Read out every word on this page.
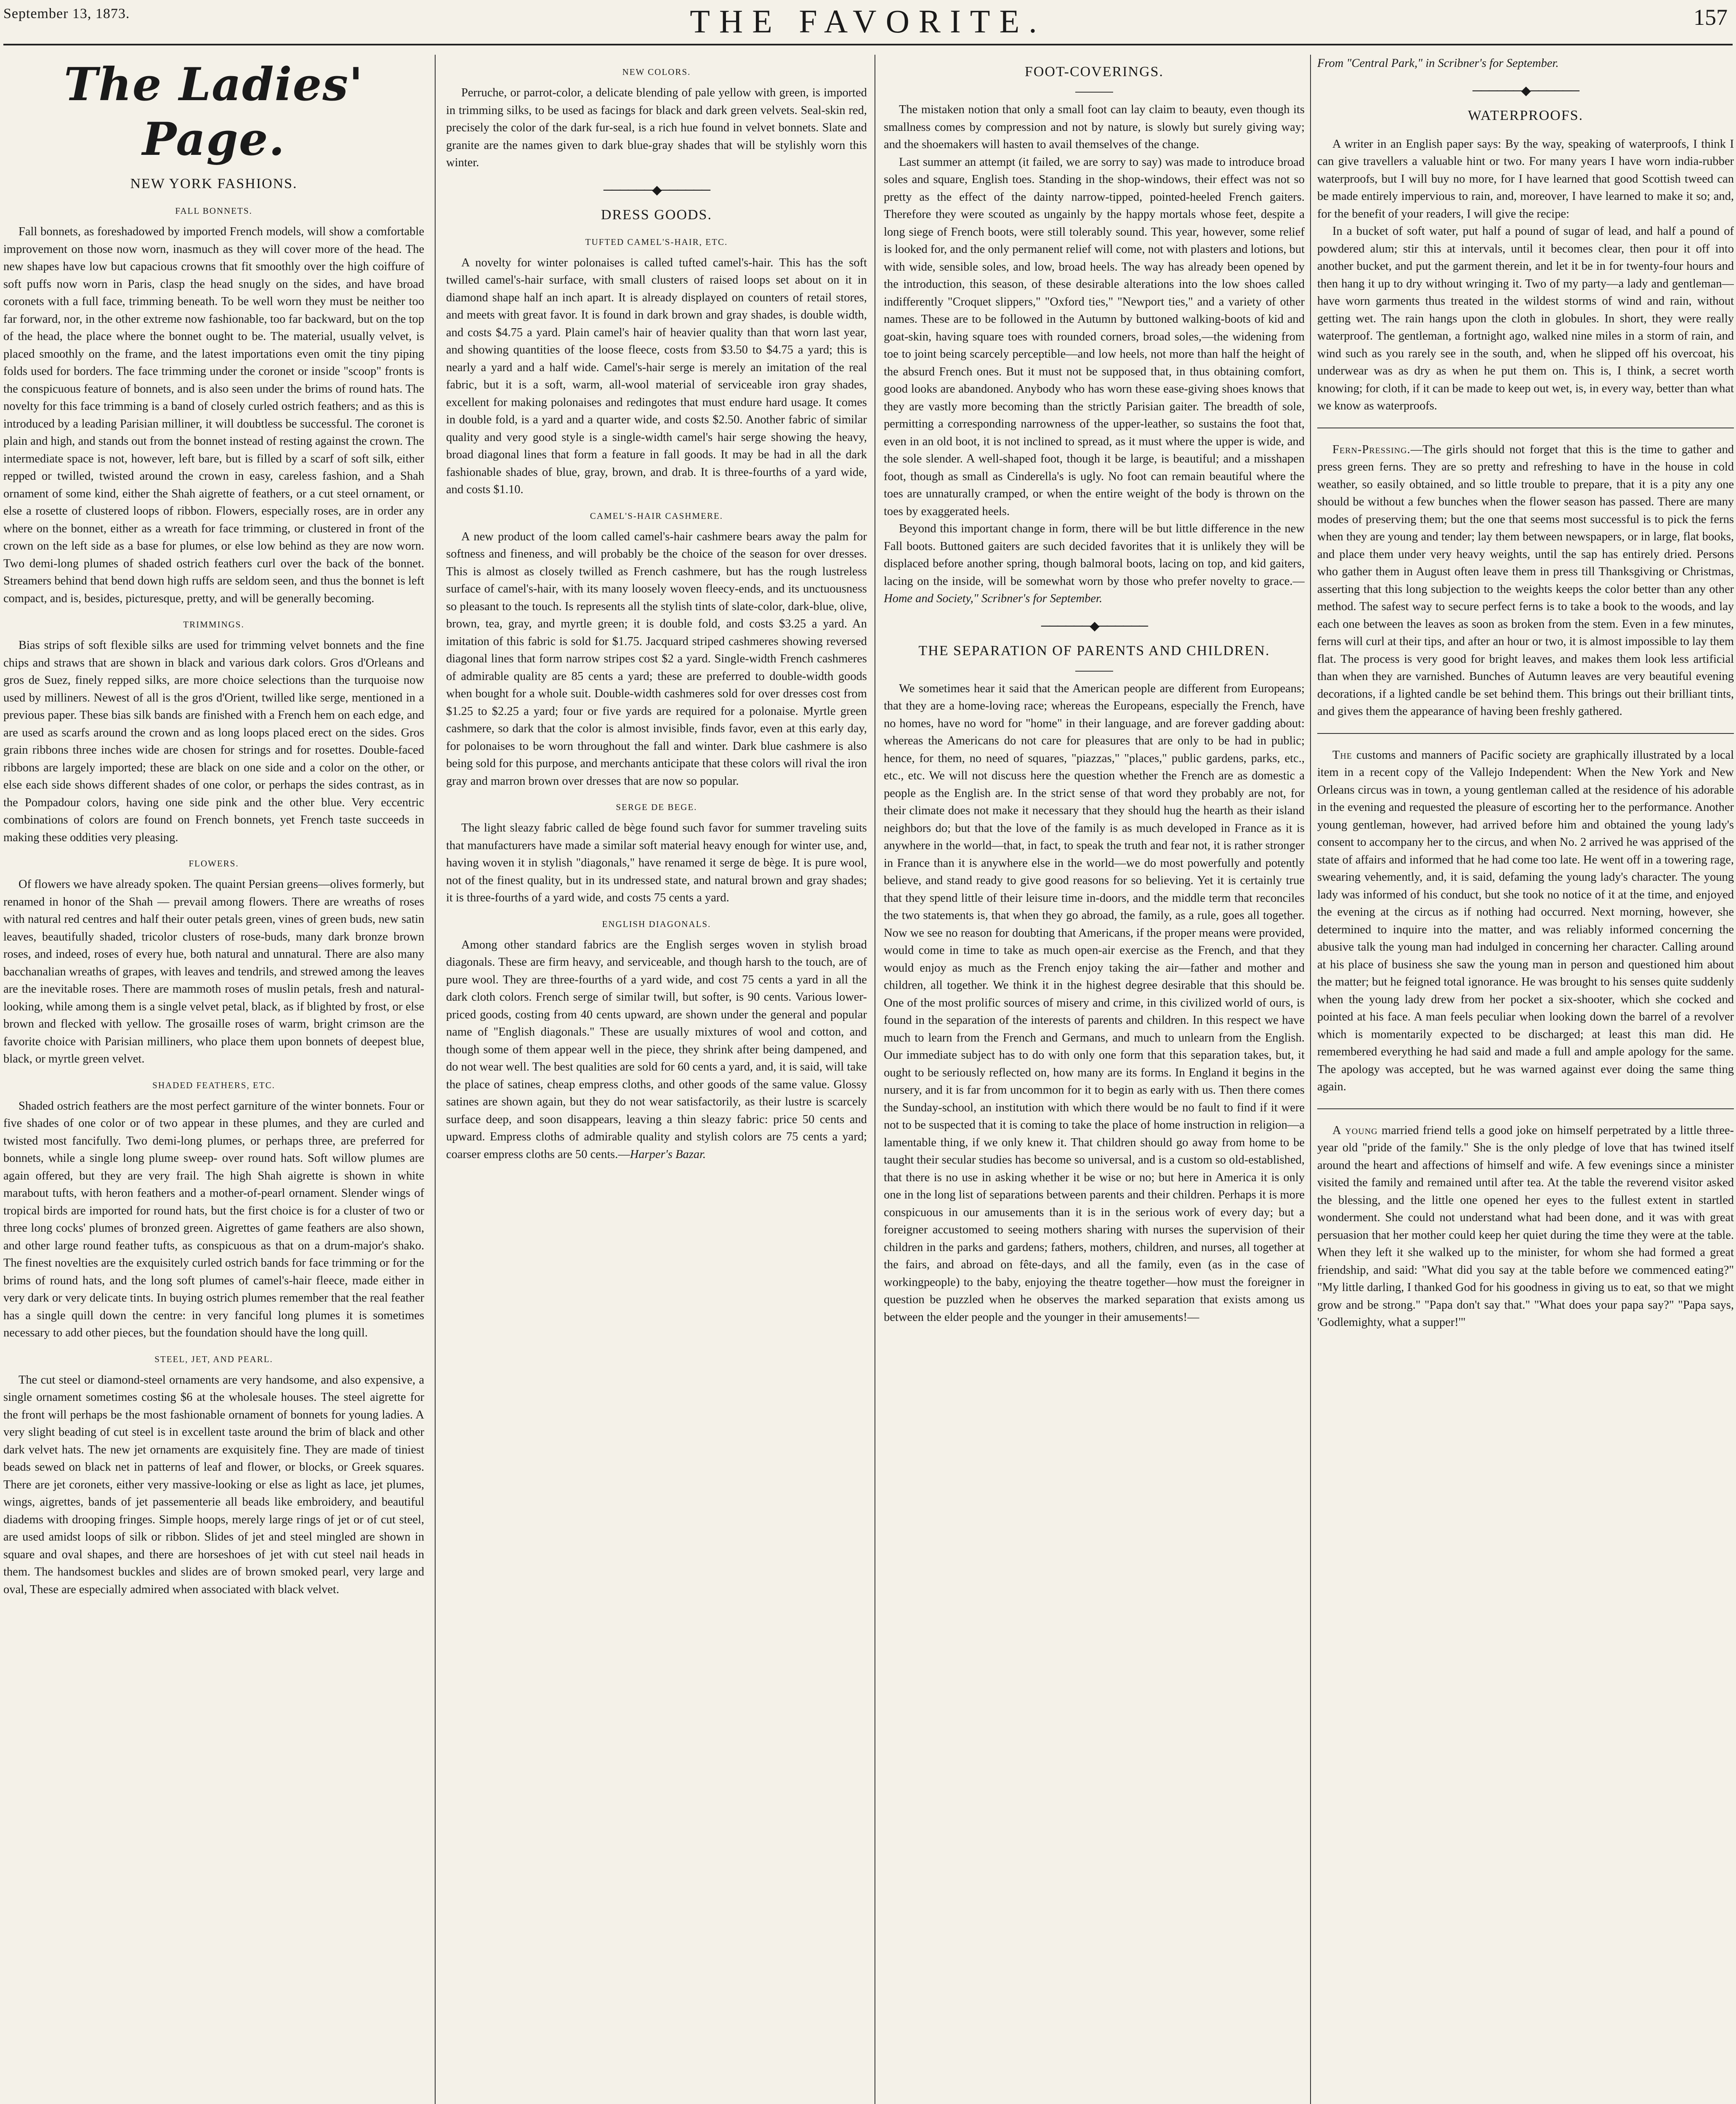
September 13, 1873.	THE FAVORITE.	157
The Ladies' Page.
NEW YORK FASHIONS.
FALL BONNETS.

Fall bonnets, as foreshadowed by imported French models, will show a comfortable improvement on those now worn, inasmuch as they will cover more of the head. The new shapes have low but capacious crowns that fit smoothly over the high coiffure of soft puffs now worn in Paris, clasp the head snugly on the sides, and have broad coronets with a full face, trimming beneath. To be well worn they must be neither too far forward, nor, in the other extreme now fashionable, too far backward, but on the top of the head, the place where the bonnet ought to be. The material, usually velvet, is placed smoothly on the frame, and the latest importations even omit the tiny piping folds used for borders. The face trimming under the coronet or inside "scoop" fronts is the conspicuous feature of bonnets, and is also seen under the brims of round hats. The novelty for this face trimming is a band of closely curled ostrich feathers; and as this is introduced by a leading Parisian milliner, it will doubtless be successful. The coronet is plain and high, and stands out from the bonnet instead of resting against the crown. The intermediate space is not, however, left bare, but is filled by a scarf of soft silk, either repped or twilled, twisted around the crown in easy, careless fashion, and a Shah ornament of some kind, either the Shah aigrette of feathers, or a cut steel ornament, or else a rosette of clustered loops of ribbon. Flowers, especially roses, are in order any where on the bonnet, either as a wreath for face trimming, or clustered in front of the crown on the left side as a base for plumes, or else low behind as they are now worn. Two demi-long plumes of shaded ostrich feathers curl over the back of the bonnet. Streamers behind that bend down high ruffs are seldom seen, and thus the bonnet is left compact, and is, besides, picturesque, pretty, and will be generally becoming.

TRIMMINGS.

Bias strips of soft flexible silks are used for trimming velvet bonnets and the fine chips and straws that are shown in black and various dark colors. Gros d'Orleans and gros de Suez, finely repped silks, are more choice selections than the turquoise now used by milliners. Newest of all is the gros d'Orient, twilled like serge, mentioned in a previous paper. These bias silk bands are finished with a French hem on each edge, and are used as scarfs around the crown and as long loops placed erect on the sides. Gros grain ribbons three inches wide are chosen for strings and for rosettes. Double-faced ribbons are largely imported; these are black on one side and a color on the other, or else each side shows different shades of one color, or perhaps the sides contrast, as in the Pompadour colors, having one side pink and the other blue. Very eccentric combinations of colors are found on French bonnets, yet French taste succeeds in making these oddities very pleasing.

FLOWERS.

Of flowers we have already spoken. The quaint Persian greens—olives formerly, but renamed in honor of the Shah — prevail among flowers. There are wreaths of roses with natural red centres and half their outer petals green, vines of green buds, new satin leaves, beautifully shaded, tricolor clusters of rose-buds, many dark bronze brown roses, and indeed, roses of every hue, both natural and unnatural. There are also many bacchanalian wreaths of grapes, with leaves and tendrils, and strewed among the leaves are the inevitable roses. There are mammoth roses of muslin petals, fresh and natural-looking, while among them is a single velvet petal, black, as if blighted by frost, or else brown and flecked with yellow. The grosaille roses of warm, bright crimson are the favorite choice with Parisian milliners, who place them upon bonnets of deepest blue, black, or myrtle green velvet.

SHADED FEATHERS, ETC.

Shaded ostrich feathers are the most perfect garniture of the winter bonnets. Four or five shades of one color or of two appear in these plumes, and they are curled and twisted most fancifully. Two demi-long plumes, or perhaps three, are preferred for bonnets, while a single long plume sweep- over round hats. Soft willow plumes are again offered, but they are very frail. The high Shah aigrette is shown in white marabout tufts, with heron feathers and a mother-of-pearl ornament. Slender wings of tropical birds are imported for round hats, but the first choice is for a cluster of two or three long cocks' plumes of bronzed green. Aigrettes of game feathers are also shown, and other large round feather tufts, as conspicuous as that on a drum-major's shako. The finest novelties are the exquisitely curled ostrich bands for face trimming or for the brims of round hats, and the long soft plumes of camel's-hair fleece, made either in very dark or very delicate tints. In buying ostrich plumes remember that the real feather has a single quill down the centre: in very fanciful long plumes it is sometimes necessary to add other pieces, but the foundation should have the long quill.

STEEL, JET, AND PEARL.

The cut steel or diamond-steel ornaments are very handsome, and also expensive, a single ornament sometimes costing $6 at the wholesale houses. The steel aigrette for the front will perhaps be the most fashionable ornament of bonnets for young ladies. A very slight beading of cut steel is in excellent taste around the brim of black and other dark velvet hats. The new jet ornaments are exquisitely fine. They are made of tiniest beads sewed on black net in patterns of leaf and flower, or blocks, or Greek squares. There are jet coronets, either very massive-looking or else as light as lace, jet plumes, wings, aigrettes, bands of jet passementerie all beads like embroidery, and beautiful diadems with drooping fringes. Simple hoops, merely large rings of jet or of cut steel, are used amidst loops of silk or ribbon. Slides of jet and steel mingled are shown in square and oval shapes, and there are horseshoes of jet with cut steel nail heads in them. The handsomest buckles and slides are of brown smoked pearl, very large and oval, These are especially admired when associated with black velvet.

NEW COLORS.

Perruche, or parrot-color, a delicate blending of pale yellow with green, is imported in trimming silks, to be used as facings for black and dark green velvets. Seal-skin red, precisely the color of the dark fur-seal, is a rich hue found in velvet bonnets. Slate and granite are the names given to dark blue-gray shades that will be stylishly worn this winter.

──────◆──────
DRESS GOODS.
TUFTED CAMEL'S-HAIR, ETC.

A novelty for winter polonaises is called tufted camel's-hair. This has the soft twilled camel's-hair surface, with small clusters of raised loops set about on it in diamond shape half an inch apart. It is already displayed on counters of retail stores, and meets with great favor. It is found in dark brown and gray shades, is double width, and costs $4.75 a yard. Plain camel's hair of heavier quality than that worn last year, and showing quantities of the loose fleece, costs from $3.50 to $4.75 a yard; this is nearly a yard and a half wide. Camel's-hair serge is merely an imitation of the real fabric, but it is a soft, warm, all-wool material of serviceable iron gray shades, excellent for making polonaises and redingotes that must endure hard usage. It comes in double fold, is a yard and a quarter wide, and costs $2.50. Another fabric of similar quality and very good style is a single-width camel's hair serge showing the heavy, broad diagonal lines that form a feature in fall goods. It may be had in all the dark fashionable shades of blue, gray, brown, and drab. It is three-fourths of a yard wide, and costs $1.10.

CAMEL'S-HAIR CASHMERE.

A new product of the loom called camel's-hair cashmere bears away the palm for softness and fineness, and will probably be the choice of the season for over dresses. This is almost as closely twilled as French cashmere, but has the rough lustreless surface of camel's-hair, with its many loosely woven fleecy-ends, and its unctuousness so pleasant to the touch. Is represents all the stylish tints of slate-color, dark-blue, olive, brown, tea, gray, and myrtle green; it is double fold, and costs $3.25 a yard. An imitation of this fabric is sold for $1.75. Jacquard striped cashmeres showing reversed diagonal lines that form narrow stripes cost $2 a yard. Single-width French cashmeres of admirable quality are 85 cents a yard; these are preferred to double-width goods when bought for a whole suit. Double-width cashmeres sold for over dresses cost from $1.25 to $2.25 a yard; four or five yards are required for a polonaise. Myrtle green cashmere, so dark that the color is almost invisible, finds favor, even at this early day, for polonaises to be worn throughout the fall and winter. Dark blue cashmere is also being sold for this purpose, and merchants anticipate that these colors will rival the iron gray and marron brown over dresses that are now so popular.

SERGE DE BEGE.

The light sleazy fabric called de bège found such favor for summer traveling suits that manufacturers have made a similar soft material heavy enough for winter use, and, having woven it in stylish "diagonals," have renamed it serge de bège. It is pure wool, not of the finest quality, but in its undressed state, and natural brown and gray shades; it is three-fourths of a yard wide, and costs 75 cents a yard.

ENGLISH DIAGONALS.

Among other standard fabrics are the English serges woven in stylish broad diagonals. These are firm heavy, and serviceable, and though harsh to the touch, are of pure wool. They are three-fourths of a yard wide, and cost 75 cents a yard in all the dark cloth colors. French serge of similar twill, but softer, is 90 cents. Various lower-priced goods, costing from 40 cents upward, are shown under the general and popular name of "English diagonals." These are usually mixtures of wool and cotton, and though some of them appear well in the piece, they shrink after being dampened, and do not wear well. The best qualities are sold for 60 cents a yard, and, it is said, will take the place of satines, cheap empress cloths, and other goods of the same value. Glossy satines are shown again, but they do not wear satisfactorily, as their lustre is scarcely surface deep, and soon disappears, leaving a thin sleazy fabric: price 50 cents and upward. Empress cloths of admirable quality and stylish colors are 75 cents a yard; coarser empress cloths are 50 cents.—Harper's Bazar.

FOOT-COVERINGS.

The mistaken notion that only a small foot can lay claim to beauty, even though its smallness comes by compression and not by nature, is slowly but surely giving way; and the shoemakers will hasten to avail themselves of the change.

Last summer an attempt (it failed, we are sorry to say) was made to introduce broad soles and square, English toes. Standing in the shop-windows, their effect was not so pretty as the effect of the dainty narrow-tipped, pointed-heeled French gaiters. Therefore they were scouted as ungainly by the happy mortals whose feet, despite a long siege of French boots, were still tolerably sound. This year, however, some relief is looked for, and the only permanent relief will come, not with plasters and lotions, but with wide, sensible soles, and low, broad heels. The way has already been opened by the introduction, this season, of these desirable alterations into the low shoes called indifferently "Croquet slippers," "Oxford ties," "Newport ties," and a variety of other names. These are to be followed in the Autumn by buttoned walking-boots of kid and goat-skin, having square toes with rounded corners, broad soles,—the widening from toe to joint being scarcely perceptible—and low heels, not more than half the height of the absurd French ones. But it must not be supposed that, in thus obtaining comfort, good looks are abandoned. Anybody who has worn these ease-giving shoes knows that they are vastly more becoming than the strictly Parisian gaiter. The breadth of sole, permitting a corresponding narrowness of the upper-leather, so sustains the foot that, even in an old boot, it is not inclined to spread, as it must where the upper is wide, and the sole slender. A well-shaped foot, though it be large, is beautiful; and a misshapen foot, though as small as Cinderella's is ugly. No foot can remain beautiful where the toes are unnaturally cramped, or when the entire weight of the body is thrown on the toes by exaggerated heels.

Beyond this important change in form, there will be but little difference in the new Fall boots. Buttoned gaiters are such decided favorites that it is unlikely they will be displaced before another spring, though balmoral boots, lacing on top, and kid gaiters, lacing on the inside, will be somewhat worn by those who prefer novelty to grace.—Home and Society," Scribner's for September.

──────◆──────
THE SEPARATION OF PARENTS AND CHILDREN.

We sometimes hear it said that the American people are different from Europeans; that they are a home-loving race; whereas the Europeans, especially the French, have no homes, have no word for "home" in their language, and are forever gadding about: whereas the Americans do not care for pleasures that are only to be had in public; hence, for them, no need of squares, "piazzas," "places," public gardens, parks, etc., etc., etc. We will not discuss here the question whether the French are as domestic a people as the English are. In the strict sense of that word they probably are not, for their climate does not make it necessary that they should hug the hearth as their island neighbors do; but that the love of the family is as much developed in France as it is anywhere in the world—that, in fact, to speak the truth and fear not, it is rather stronger in France than it is anywhere else in the world—we do most powerfully and potently believe, and stand ready to give good reasons for so believing. Yet it is certainly true that they spend little of their leisure time in-doors, and the middle term that reconciles the two statements is, that when they go abroad, the family, as a rule, goes all together. Now we see no reason for doubting that Americans, if the proper means were provided, would come in time to take as much open-air exercise as the French, and that they would enjoy as much as the French enjoy taking the air—father and mother and children, all together. We think it in the highest degree desirable that this should be. One of the most prolific sources of misery and crime, in this civilized world of ours, is found in the separation of the interests of parents and children. In this respect we have much to learn from the French and Germans, and much to unlearn from the English. Our immediate subject has to do with only one form that this separation takes, but, it ought to be seriously reflected on, how many are its forms. In England it begins in the nursery, and it is far from uncommon for it to begin as early with us. Then there comes the Sunday-school, an institution with which there would be no fault to find if it were not to be suspected that it is coming to take the place of home instruction in religion—a lamentable thing, if we only knew it. That children should go away from home to be taught their secular studies has become so universal, and is a custom so old-established, that there is no use in asking whether it be wise or no; but here in America it is only one in the long list of separations between parents and their children. Perhaps it is more conspicuous in our amusements than it is in the serious work of every day; but a foreigner accustomed to seeing mothers sharing with nurses the supervision of their children in the parks and gardens; fathers, mothers, children, and nurses, all together at the fairs, and abroad on fête-days, and all the family, even (as in the case of workingpeople) to the baby, enjoying the theatre together—how must the foreigner in question be puzzled when he observes the marked separation that exists among us between the elder people and the younger in their amusements!—

From "Central Park," in Scribner's for September.

──────◆──────
WATERPROOFS.

A writer in an English paper says: By the way, speaking of waterproofs, I think I can give travellers a valuable hint or two. For many years I have worn india-rubber waterproofs, but I will buy no more, for I have learned that good Scottish tweed can be made entirely impervious to rain, and, moreover, I have learned to make it so; and, for the benefit of your readers, I will give the recipe:

In a bucket of soft water, put half a pound of sugar of lead, and half a pound of powdered alum; stir this at intervals, until it becomes clear, then pour it off into another bucket, and put the garment therein, and let it be in for twenty-four hours and then hang it up to dry without wringing it. Two of my party—a lady and gentleman—have worn garments thus treated in the wildest storms of wind and rain, without getting wet. The rain hangs upon the cloth in globules. In short, they were really waterproof. The gentleman, a fortnight ago, walked nine miles in a storm of rain, and wind such as you rarely see in the south, and, when he slipped off his overcoat, his underwear was as dry as when he put them on. This is, I think, a secret worth knowing; for cloth, if it can be made to keep out wet, is, in every way, better than what we know as waterproofs.

Fern-Pressing.—The girls should not forget that this is the time to gather and press green ferns. They are so pretty and refreshing to have in the house in cold weather, so easily obtained, and so little trouble to prepare, that it is a pity any one should be without a few bunches when the flower season has passed. There are many modes of preserving them; but the one that seems most successful is to pick the ferns when they are young and tender; lay them between newspapers, or in large, flat books, and place them under very heavy weights, until the sap has entirely dried. Persons who gather them in August often leave them in press till Thanksgiving or Christmas, asserting that this long subjection to the weights keeps the color better than any other method. The safest way to secure perfect ferns is to take a book to the woods, and lay each one between the leaves as soon as broken from the stem. Even in a few minutes, ferns will curl at their tips, and after an hour or two, it is almost impossible to lay them flat. The process is very good for bright leaves, and makes them look less artificial than when they are varnished. Bunches of Autumn leaves are very beautiful evening decorations, if a lighted candle be set behind them. This brings out their brilliant tints, and gives them the appearance of having been freshly gathered.

The customs and manners of Pacific society are graphically illustrated by a local item in a recent copy of the Vallejo Independent: When the New York and New Orleans circus was in town, a young gentleman called at the residence of his adorable in the evening and requested the pleasure of escorting her to the performance. Another young gentleman, however, had arrived before him and obtained the young lady's consent to accompany her to the circus, and when No. 2 arrived he was apprised of the state of affairs and informed that he had come too late. He went off in a towering rage, swearing vehemently, and, it is said, defaming the young lady's character. The young lady was informed of his conduct, but she took no notice of it at the time, and enjoyed the evening at the circus as if nothing had occurred. Next morning, however, she determined to inquire into the matter, and was reliably informed concerning the abusive talk the young man had indulged in concerning her character. Calling around at his place of business she saw the young man in person and questioned him about the matter; but he feigned total ignorance. He was brought to his senses quite suddenly when the young lady drew from her pocket a six-shooter, which she cocked and pointed at his face. A man feels peculiar when looking down the barrel of a revolver which is momentarily expected to be discharged; at least this man did. He remembered everything he had said and made a full and ample apology for the same. The apology was accepted, but he was warned against ever doing the same thing again.

A young married friend tells a good joke on himself perpetrated by a little three-year old "pride of the family." She is the only pledge of love that has twined itself around the heart and affections of himself and wife. A few evenings since a minister visited the family and remained until after tea. At the table the reverend visitor asked the blessing, and the little one opened her eyes to the fullest extent in startled wonderment. She could not understand what had been done, and it was with great persuasion that her mother could keep her quiet during the time they were at the table. When they left it she walked up to the minister, for whom she had formed a great friendship, and said: "What did you say at the table before we commenced eating?" "My little darling, I thanked God for his goodness in giving us to eat, so that we might grow and be strong." "Papa don't say that." "What does your papa say?" "Papa says, 'Godlemighty, what a supper!'"
